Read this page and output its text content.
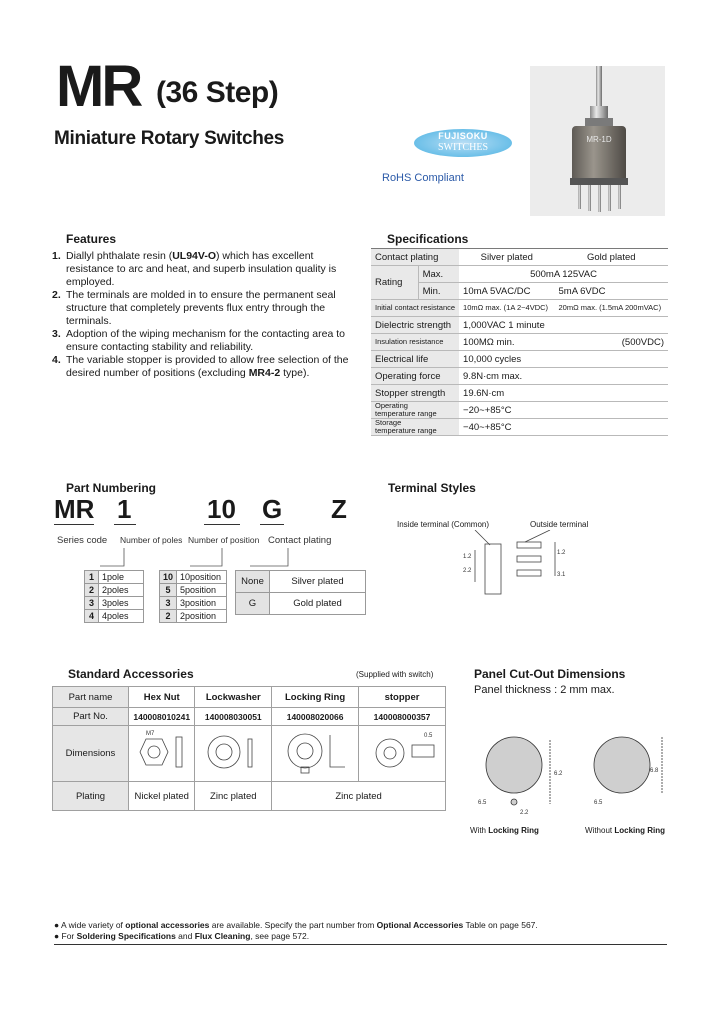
MR (36 Step)
Miniature Rotary Switches	FUJISOKU
SWITCHES
RoHS Compliant
MR-1D
Features
1. Diallyl phthalate resin (UL94V-O) which has excellent resistance to arc and heat, and superb insulation quality is employed.
2. The terminals are molded in to ensure the permanent seal structure that completely prevents flux entry through the terminals.
3. Adoption of the wiping mechanism for the contacting area to ensure contacting stability and reliability.
4. The variable stopper is provided to allow free selection of the desired number of positions (excluding MR4-2 type).
Specifications
Contact plating		Silver plated	Gold plated
Rating	Max.	500mA 125VAC	
	Min.	10mA 5VAC/DC	5mA 6VDC
Initial contact resistance		10mΩ max. (1A 2~4VDC)	20mΩ max. (1.5mA 200mVAC)
Dielectric strength		1,000VAC 1 minute	
Insulation resistance		100MΩ min.	(500VDC)
Electrical life		10,000 cycles	
Operating force		9.8N·cm max.	
Stopper strength		19.6N·cm	

Operating
temperature range		−20~+85°C	

Storage
temperature range		−40~+85°C	
Part Numbering
MR 1	10 G Z
Series code Number of poles Number of position Contact plating
1	1pole
2	2poles
3	3poles
4	4poles
10	10position
5	5position
3	3position
2	2position
None	Silver plated
G	Gold plated
Terminal Styles
Inside terminal (Common)	Outside terminal
1.2
2.2
1.2
3.1
Standard Accessories	(Supplied with switch)
Part name	Hex Nut	Lockwasher	Locking Ring	stopper
Part No.	140008010241	140008030051	140008020066	140008000357
Dimensions	M7			0.5

Plating	Nickel plated	Zinc plated	Zinc plated	
Panel Cut-Out Dimensions
Panel thickness : 2 mm max.
6.2
6.5
2.2
6.5
6.8
With Locking Ring	Without Locking Ring
● A wide variety of optional accessories are available. Specify the part number from Optional Accessories Table on page 567.
● For Soldering Specifications and Flux Cleaning, see page 572.
